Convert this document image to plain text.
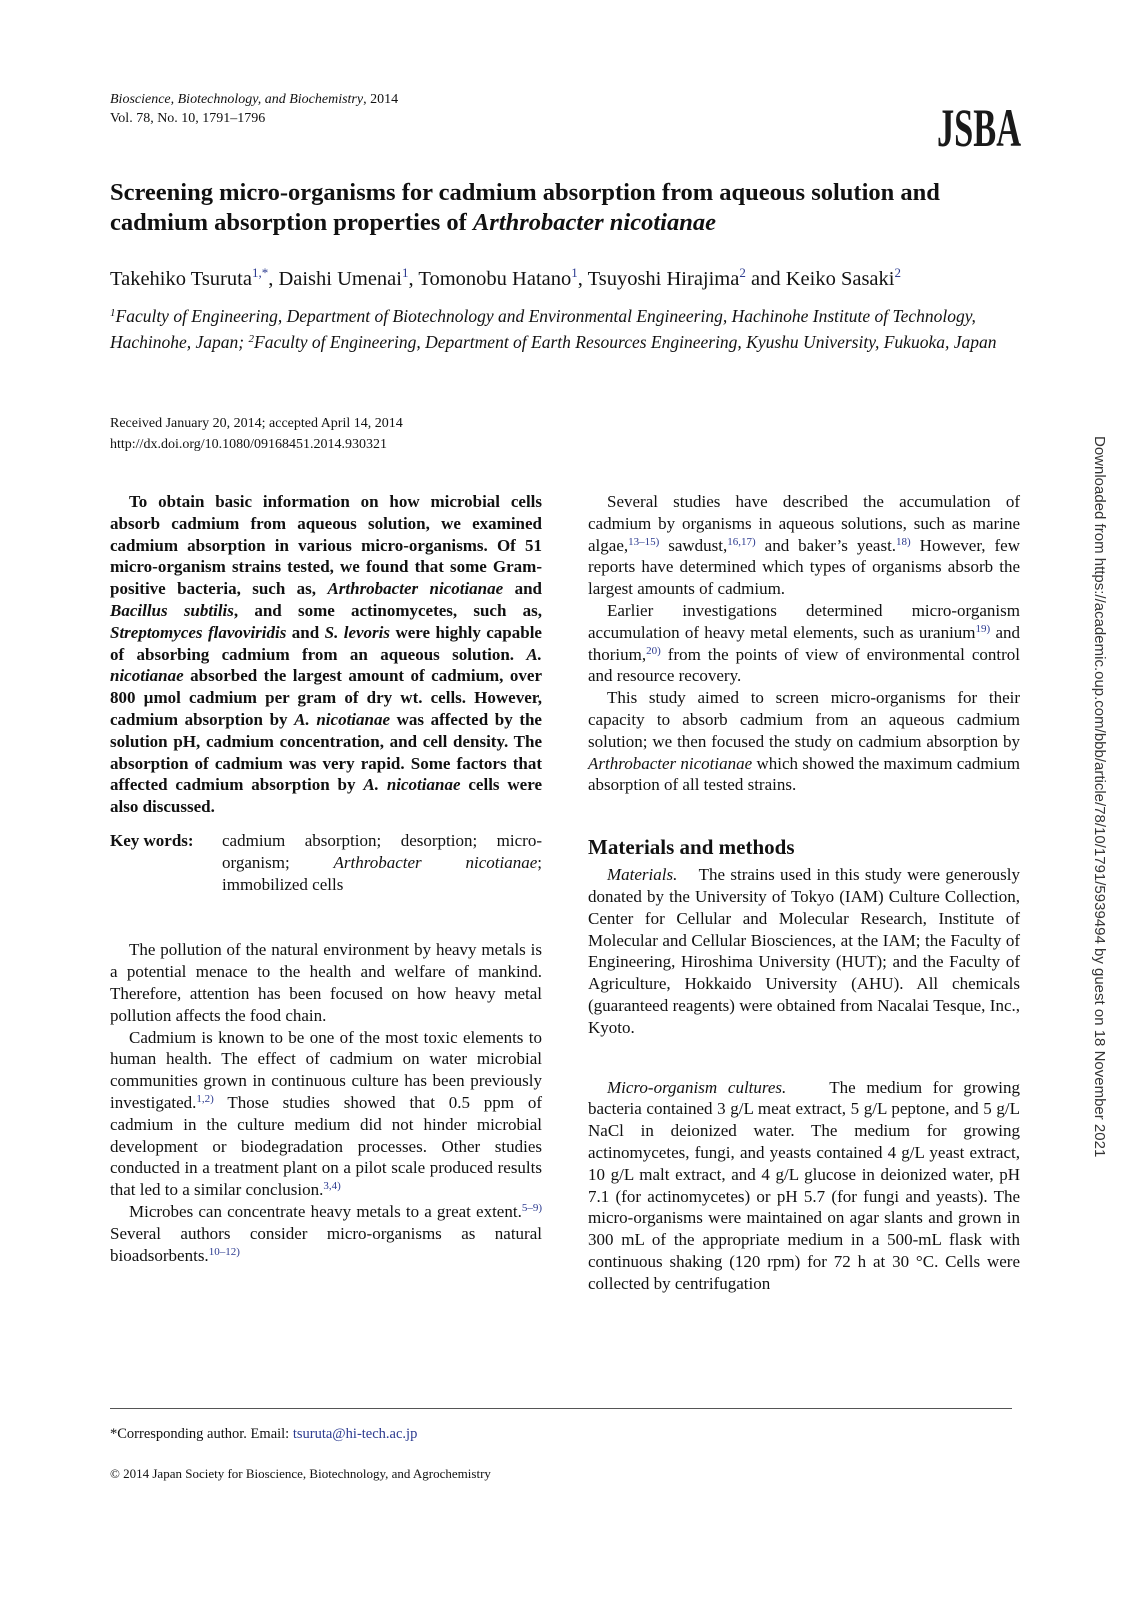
Bioscience, Biotechnology, and Biochemistry, 2014
Vol. 78, No. 10, 1791–1796	JSBA
Screening micro-organisms for cadmium absorption from aqueous solution and cadmium absorption properties of Arthrobacter nicotianae
Takehiko Tsuruta$^{1,*}$, Daishi Umenai$^1$, Tomonobu Hatano$^1$, Tsuyoshi Hirajima$^2$ and Keiko Sasaki$^2$
$^1$Faculty of Engineering, Department of Biotechnology and Environmental Engineering, Hachinohe Institute of Technology, Hachinohe, Japan; $^2$Faculty of Engineering, Department of Earth Resources Engineering, Kyushu University, Fukuoka, Japan
Received January 20, 2014; accepted April 14, 2014
http://dx.doi.org/10.1080/09168451.2014.930321	Downloaded from https://academic.oup.com/bbb/article/78/10/1791/5939494 by guest on 18 November 2021

To obtain basic information on how microbial cells absorb cadmium from aqueous solution, we examined cadmium absorption in various micro-organisms. Of 51 micro-organism strains tested, we found that some Gram-positive bacteria, such as, Arthrobacter nicotianae and Bacillus subtilis, and some actinomycetes, such as, Streptomyces flavoviridis and S. levoris were highly capable of absorbing cadmium from an aqueous solution. A. nicotianae absorbed the largest amount of cadmium, over 800 µmol cadmium per gram of dry wt. cells. However, cadmium absorption by A. nicotianae was affected by the solution pH, cadmium concentration, and cell density. The absorption of cadmium was very rapid. Some factors that affected cadmium absorption by A. nicotianae cells were also discussed.

Key words:	cadmium absorption; desorption; micro-organism; Arthrobacter nicotianae; immobilized cells

The pollution of the natural environment by heavy metals is a potential menace to the health and welfare of mankind. Therefore, attention has been focused on how heavy metal pollution affects the food chain.

Cadmium is known to be one of the most toxic elements to human health. The effect of cadmium on water microbial communities grown in continuous culture has been previously investigated.$^{1,2)}$ Those studies showed that 0.5 ppm of cadmium in the culture medium did not hinder microbial development or biodegradation processes. Other studies conducted in a treatment plant on a pilot scale produced results that led to a similar conclusion.$^{3,4)}$

Microbes can concentrate heavy metals to a great extent.$^{5-9)}$ Several authors consider micro-organisms as natural bioadsorbents.$^{10-12)}$

Several studies have described the accumulation of cadmium by organisms in aqueous solutions, such as marine algae,$^{13-15)}$ sawdust,$^{16,17)}$ and baker’s yeast.$^{18)}$ However, few reports have determined which types of organisms absorb the largest amounts of cadmium.

Earlier investigations determined micro-organism accumulation of heavy metal elements, such as uranium$^{19)}$ and thorium,$^{20)}$ from the points of view of environmental control and resource recovery.

This study aimed to screen micro-organisms for their capacity to absorb cadmium from an aqueous cadmium solution; we then focused the study on cadmium absorption by Arthrobacter nicotianae which showed the maximum cadmium absorption of all tested strains.

Materials and methods

Materials. The strains used in this study were generously donated by the University of Tokyo (IAM) Culture Collection, Center for Cellular and Molecular Research, Institute of Molecular and Cellular Biosciences, at the IAM; the Faculty of Engineering, Hiroshima University (HUT); and the Faculty of Agriculture, Hokkaido University (AHU). All chemicals (guaranteed reagents) were obtained from Nacalai Tesque, Inc., Kyoto.

Micro-organism cultures.	The medium for growing bacteria contained 3 g/L meat extract, 5 g/L peptone, and 5 g/L NaCl in deionized water. The medium for growing actinomycetes, fungi, and yeasts contained 4 g/L yeast extract, 10 g/L malt extract, and 4 g/L glucose in deionized water, pH 7.1 (for actinomycetes) or pH 5.7 (for fungi and yeasts). The micro-organisms were maintained on agar slants and grown in 300 mL of the appropriate medium in a 500-mL flask with continuous shaking (120 rpm) for 72 h at 30 °C. Cells were collected by centrifugation

*Corresponding author. Email: tsuruta@hi-tech.ac.jp
© 2014 Japan Society for Bioscience, Biotechnology, and Agrochemistry
